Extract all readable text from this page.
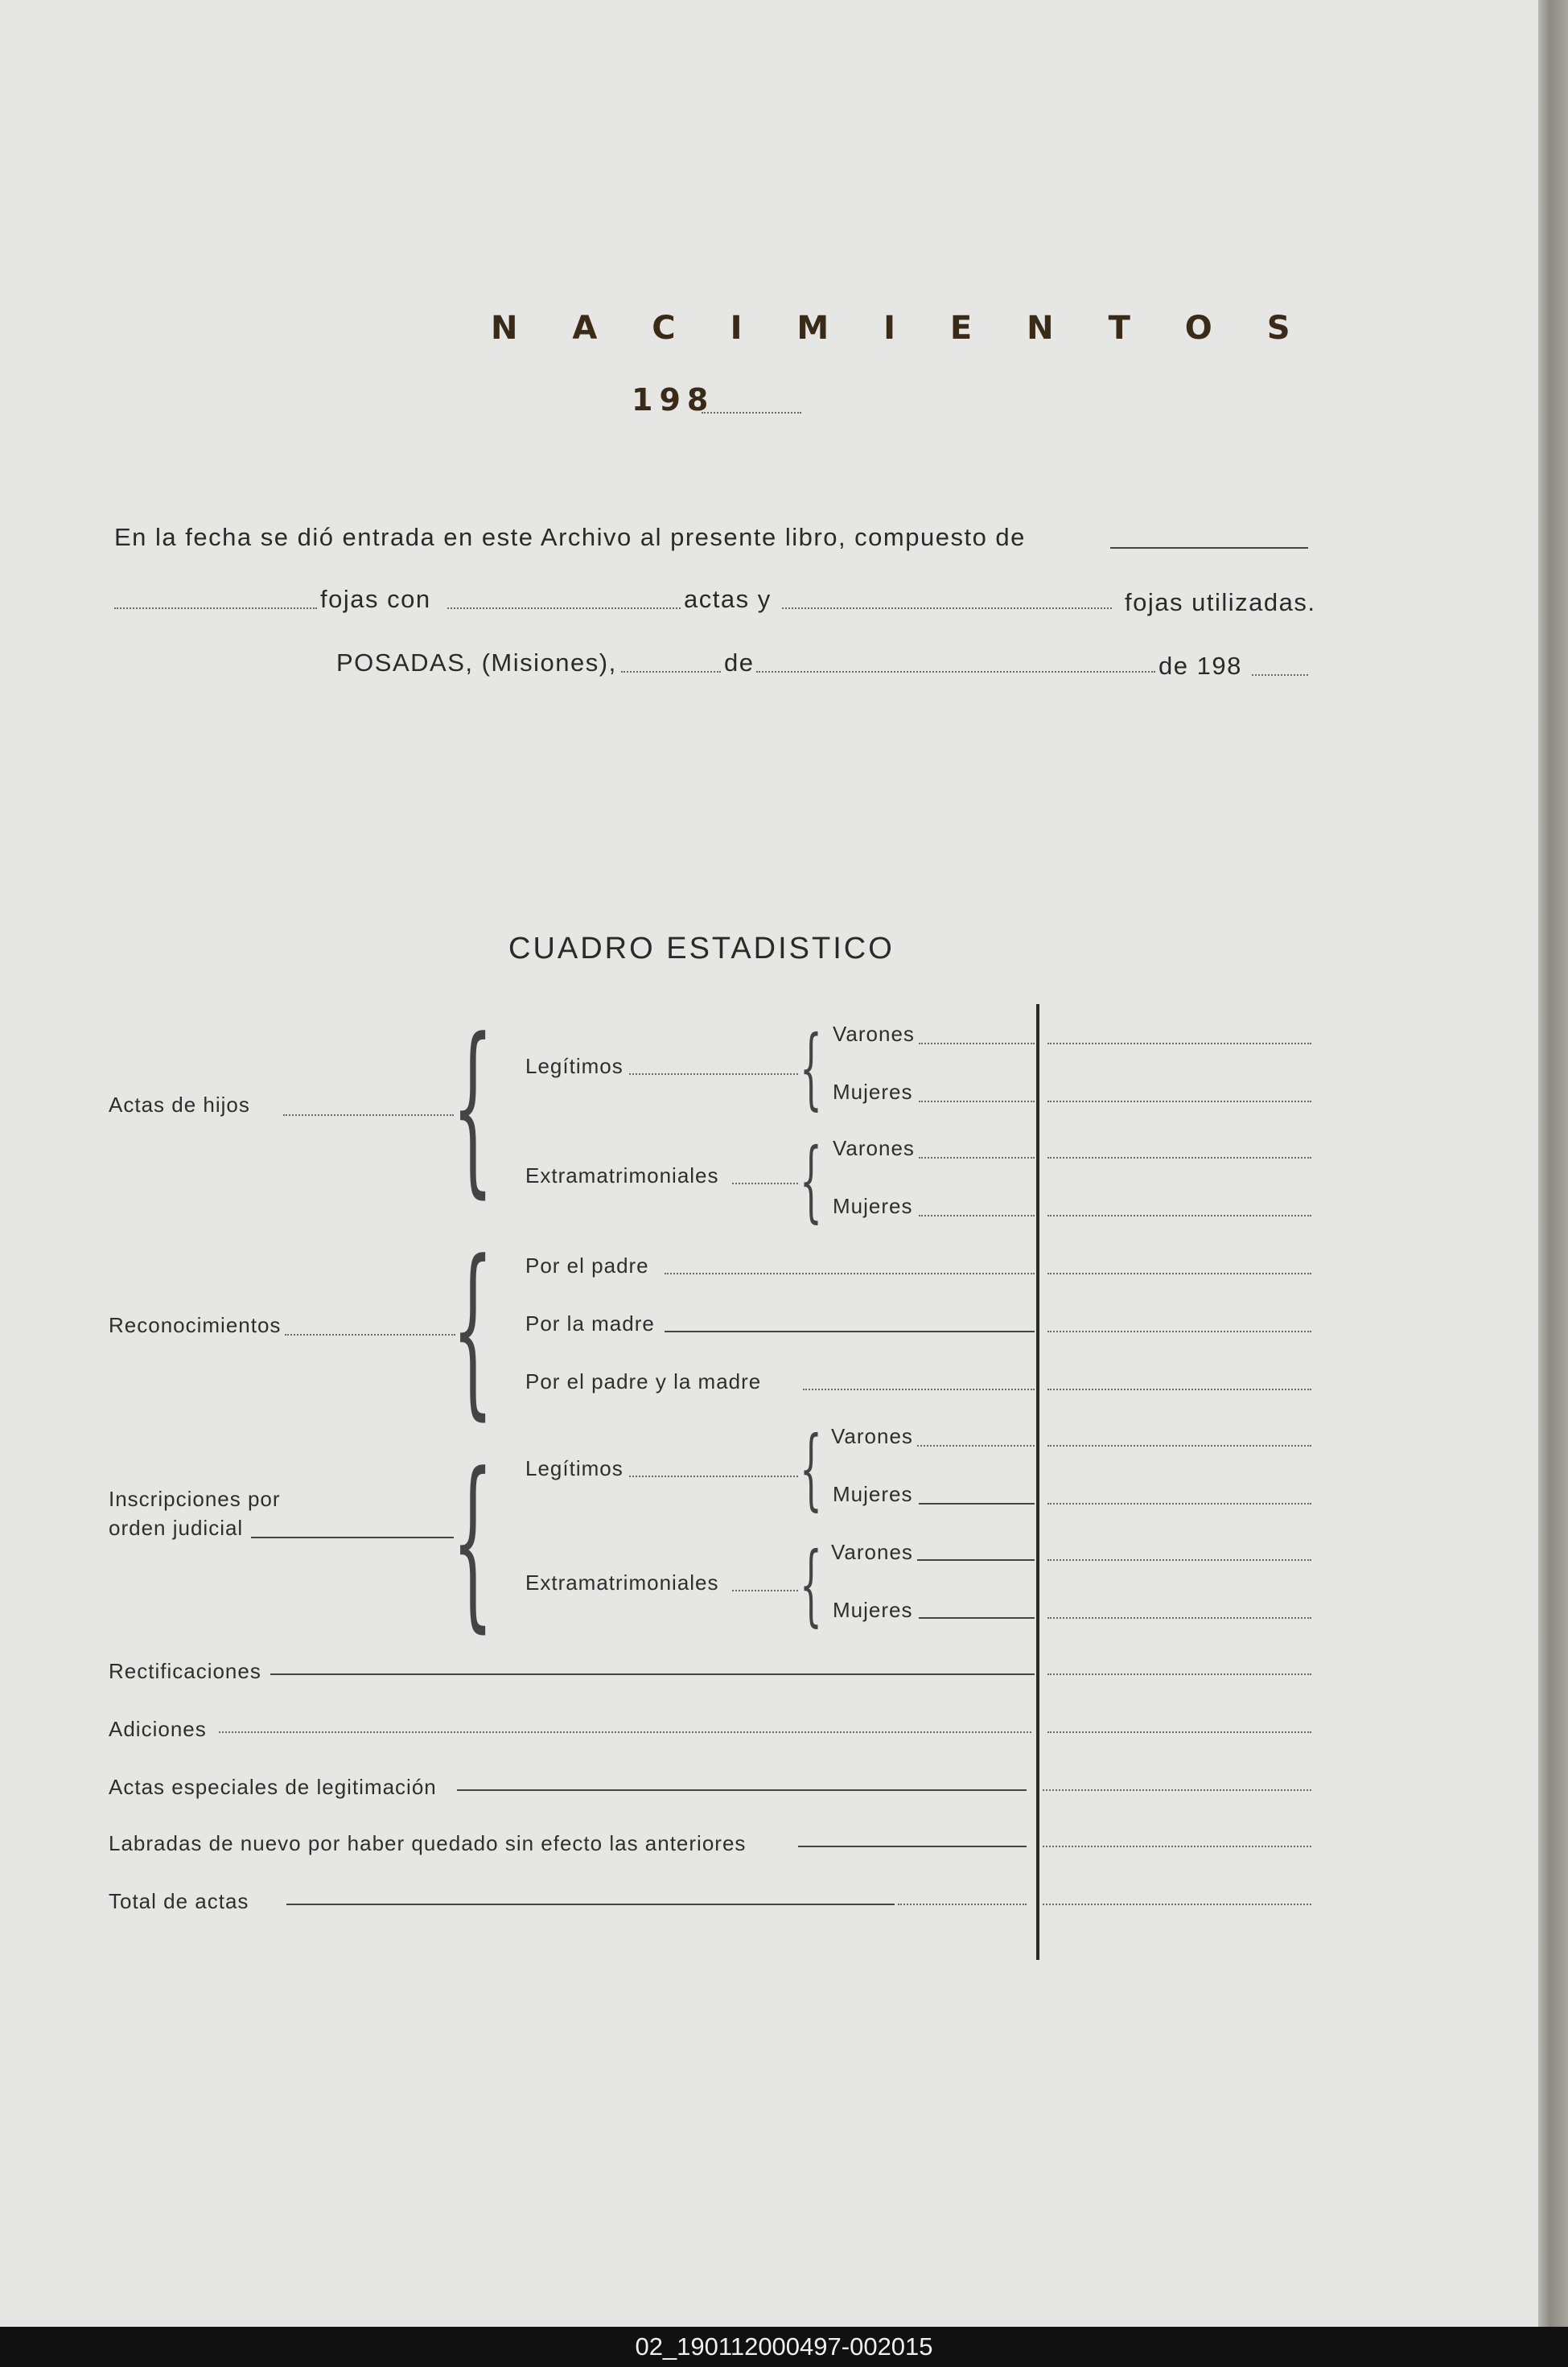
N A C I M I E N T O S
198
En la fecha se dió entrada en este Archivo al presente libro, compuesto de
fojas con	actas y	fojas utilizadas.
POSADAS, (Misiones),	de	de 198
CUADRO ESTADISTICO
Actas de hijos { Legítimos { Varones
Mujeres
Extramatrimoniales { Varones
Mujeres
Reconocimientos { Por el padre
Por la madre
Por el padre y la madre
Inscripciones por
orden judicial { Legítimos { Varones
Mujeres
Extramatrimoniales { Varones
Mujeres
Rectificaciones
Adiciones
Actas especiales de legitimación
Labradas de nuevo por haber quedado sin efecto las anteriores
Total de actas
02_190112000497-002015
